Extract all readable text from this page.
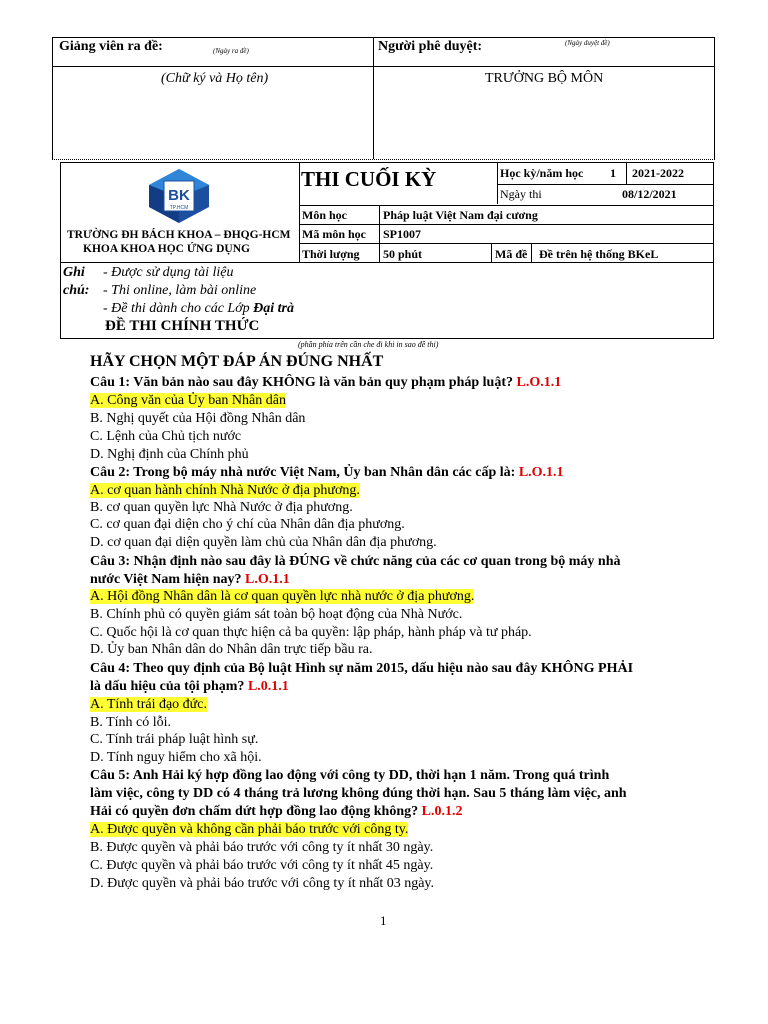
Giảng viên ra đề:	(Ngày ra đề)	Người phê duyệt:	(Ngày duyệt đề)
(Chữ ký và Họ tên)	TRƯỞNG BỘ MÔN
BK
TP.HCM
TRƯỜNG ĐH BÁCH KHOA – ĐHQG-HCM
KHOA KHOA HỌC ỨNG DỤNG
THI CUỐI KỲ	Học kỳ/năm học 1 2021-2022
Ngày thi	08/12/2021
Môn học	Pháp luật Việt Nam đại cương
Mã môn học SP1007
Thời lượng 50 phút	Mã đề Đề trên hệ thống BKeL
Ghi
chú:
- Được sử dụng tài liệu
- Thi online, làm bài online
- Đề thi dành cho các Lớp Đại trà
ĐỀ THI CHÍNH THỨC
(phần phía trên cần che đi khi in sao đề thi)
HÃY CHỌN MỘT ĐÁP ÁN ĐÚNG NHẤT
Câu 1: Văn bản nào sau đây KHÔNG là văn bản quy phạm pháp luật? L.O.1.1
A. Công văn của Ủy ban Nhân dân
B. Nghị quyết của Hội đồng Nhân dân
C. Lệnh của Chủ tịch nước
D. Nghị định của Chính phủ
Câu 2: Trong bộ máy nhà nước Việt Nam, Ủy ban Nhân dân các cấp là: L.O.1.1
A. cơ quan hành chính Nhà Nước ở địa phương.
B. cơ quan quyền lực Nhà Nước ở địa phương.
C. cơ quan đại diện cho ý chí của Nhân dân địa phương.
D. cơ quan đại diện quyền làm chủ của Nhân dân địa phương.
Câu 3: Nhận định nào sau đây là ĐÚNG về chức năng của các cơ quan trong bộ máy nhà
nước Việt Nam hiện nay? L.O.1.1
A. Hội đồng Nhân dân là cơ quan quyền lực nhà nước ở địa phương.
B. Chính phủ có quyền giám sát toàn bộ hoạt động của Nhà Nước.
C. Quốc hội là cơ quan thực hiện cả ba quyền: lập pháp, hành pháp và tư pháp.
D. Ủy ban Nhân dân do Nhân dân trực tiếp bầu ra.
Câu 4: Theo quy định của Bộ luật Hình sự năm 2015, dấu hiệu nào sau đây KHÔNG PHẢI
là dấu hiệu của tội phạm? L.0.1.1
A. Tính trái đạo đức.
B. Tính có lỗi.
C. Tính trái pháp luật hình sự.
D. Tính nguy hiểm cho xã hội.
Câu 5: Anh Hải ký hợp đồng lao động với công ty DD, thời hạn 1 năm. Trong quá trình
làm việc, công ty DD có 4 tháng trả lương không đúng thời hạn. Sau 5 tháng làm việc, anh
Hải có quyền đơn chấm dứt hợp đồng lao động không? L.0.1.2
A. Được quyền và không cần phải báo trước với công ty.
B. Được quyền và phải báo trước với công ty ít nhất 30 ngày.
C. Được quyền và phải báo trước với công ty ít nhất 45 ngày.
D. Được quyền và phải báo trước với công ty ít nhất 03 ngày.
1
